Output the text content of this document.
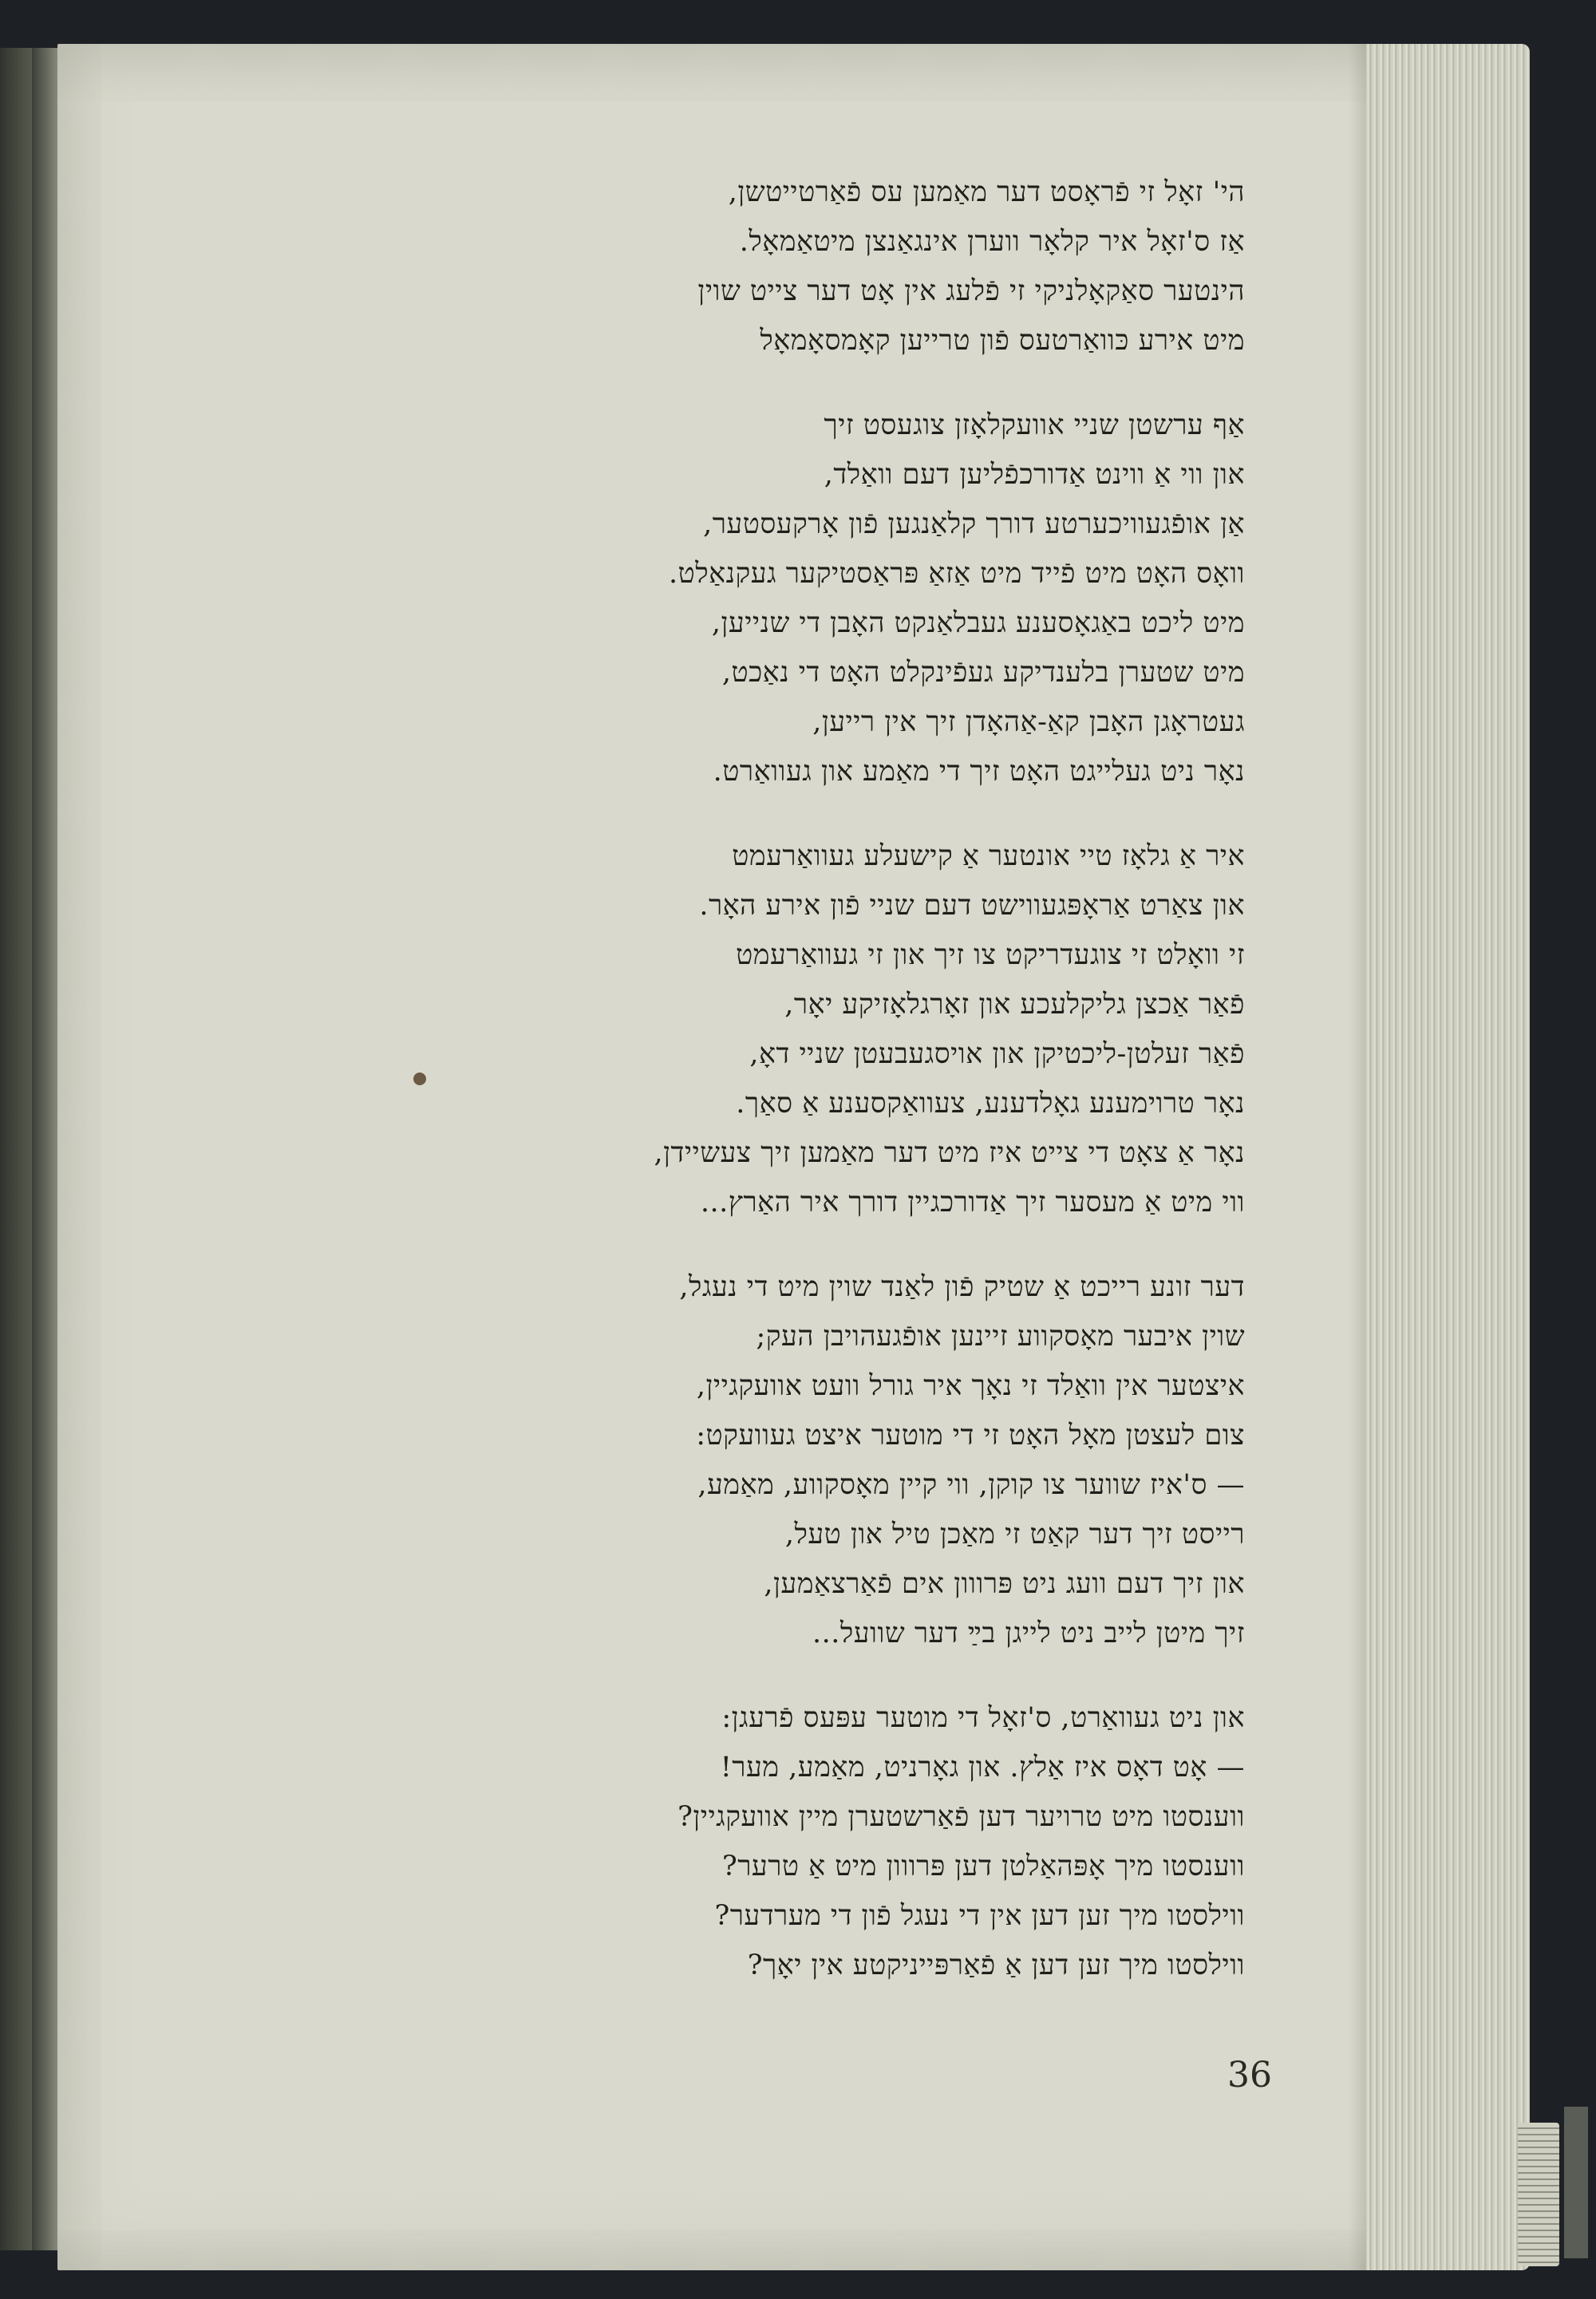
הי' זאָל זי פֿראָסט דער מאַמען עס פֿאַרטייטשן,
אַז ס'זאָל איר קלאָר ווערן אינגאַנצן מיטאַמאָל.
הינטער סאַקאָלניקי זי פֿלעג אין אָט דער צייט שוין
מיט אירע כּוואַרטעס פֿון טרייען קאָמסאָמאָל
אַף ערשטן שניי אוועקלאָזן צוגעסט זיך
און ווי אַ ווינט אַדורכפֿליען דעם וואַלד,
אַן אופֿגעוויכערטע דורך קלאַנגען פֿון אָרקעסטער,
וואָס האָט מיט פֿייד מיט אַזאַ פּראַסטיקער געקנאַלט.
מיט ליכט באַגאָסענע געבלאַנקט האָבן די שנייען,
מיט שטערן בלענדיקע געפֿינקלט האָט די נאַכט,
געטראָגן האָבן קאַ-אַהאָדן זיך אין רייען,
נאָר ניט געלייגט האָט זיך די מאַמע און געוואַרט.
איר אַ גלאָז טיי אונטער אַ קישעלע געוואַרעמט
און צאַרט אַראָפּגעווישט דעם שניי פֿון אירע האָר.
זי וואָלט זי צוגעדריקט צו זיך און זי געוואַרעמט
פֿאַר אַכצן גליקלעכע און זאָרגלאָזיקע יאָר,
פֿאַר זעלטן-ליכטיקן און אויסגעבעטן שניי דאָ,
נאָר טרוימענע גאָלדענע, צעוואַקסענע אַ סאַך.
נאָר אַ צאָט די צייט איז מיט דער מאַמען זיך צעשיידן,
ווי מיט אַ מעסער זיך אַדורכגיין דורך איר האַרץ...
דער זונע רייכט אַ שטיק פֿון לאַנד שוין מיט די נעגל,
שוין איבער מאָסקווע זיינען אופֿגעהויבן העק;
איצטער אין וואַלד זי נאָך איר גורל וועט אוועקגיין,
צום לעצטן מאָל האָט זי די מוטער איצט געוועקט:
— ס'איז שווער צו קוקן, ווי קיין מאָסקווע, מאַמע,
רייסט זיך דער קאַט זי מאַכן טיל און טעל,
און זיך דעם וועג ניט פּרווון אים פֿאַרצאַמען,
זיך מיטן לייב ניט לייגן בײַ דער שוועל...
און ניט געוואַרט, ס'זאָל די מוטער עפּעס פֿרעגן:
— אָט דאָס איז אַלץ. און גאָרניט, מאַמע, מער!
ווענסטו מיט טרויער דען פֿאַרשטערן מיין אוועקגיין?
ווענסטו מיך אָפּהאַלטן דען פּרווון מיט אַ טרער?
ווילסטו מיך זען דען אין די נעגל פֿון די מערדער?
ווילסטו מיך זען דען אַ פֿאַרפּייניקטע אין יאָך?
36
